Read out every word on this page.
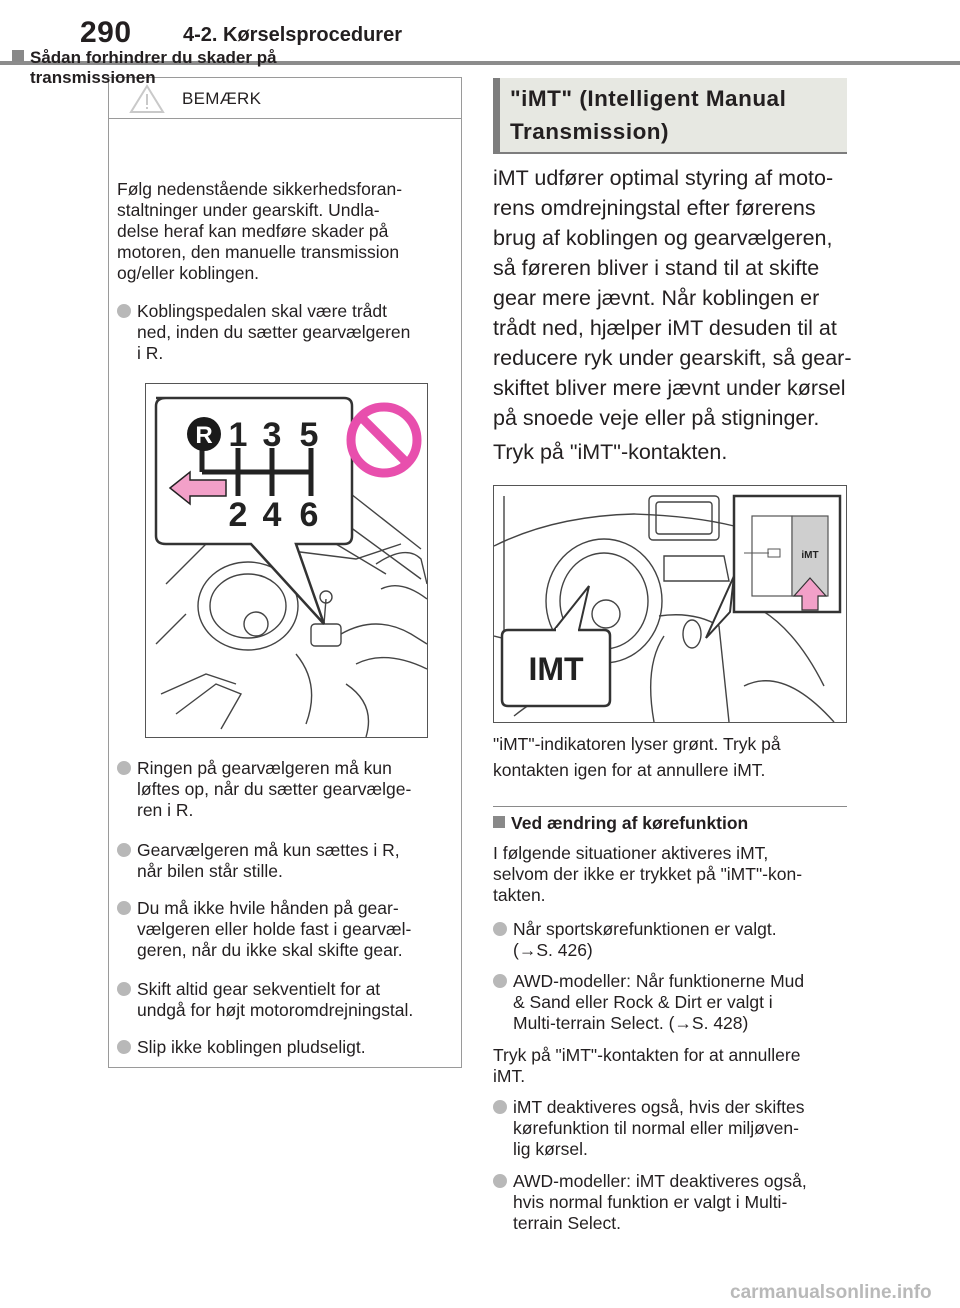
290	4-2. Kørselsprocedurer
BEMÆRK
Sådan forhindrer du skader på transmissionen
Følg nedenstående sikkerhedsforan-
staltninger under gearskift. Undla-
delse heraf kan medføre skader på
motoren, den manuelle transmission
og/eller koblingen.
Koblingspedalen skal være trådt
ned, inden du sætter gearvælgeren
i R.
R 1 3 5
2 4 6
Ringen på gearvælgeren må kun
løftes op, når du sætter gearvælge-
ren i R.
Gearvælgeren må kun sættes i R,
når bilen står stille.
Du må ikke hvile hånden på gear-
vælgeren eller holde fast i gearvæl-
geren, når du ikke skal skifte gear.
Skift altid gear sekventielt for at
undgå for højt motoromdrejningstal.
Slip ikke koblingen pludseligt.
"iMT" (Intelligent Manual
Transmission)
iMT udfører optimal styring af moto-
rens omdrejningstal efter førerens
brug af koblingen og gearvælgeren,
så føreren bliver i stand til at skifte
gear mere jævnt. Når koblingen er
trådt ned, hjælper iMT desuden til at
reducere ryk under gearskift, så gear-
skiftet bliver mere jævnt under kørsel
på snoede veje eller på stigninger.
Tryk på "iMT"-kontakten.
iMT
IMT
"iMT"-indikatoren lyser grønt. Tryk på
kontakten igen for at annullere iMT.
Ved ændring af kørefunktion
I følgende situationer aktiveres iMT,
selvom der ikke er trykket på "iMT"-kon-
takten.
Når sportskørefunktionen er valgt.
(→S. 426)
AWD-modeller: Når funktionerne Mud
& Sand eller Rock & Dirt er valgt i
Multi-terrain Select. (→S. 428)
Tryk på "iMT"-kontakten for at annullere
iMT.
iMT deaktiveres også, hvis der skiftes
kørefunktion til normal eller miljøven-
lig kørsel.
AWD-modeller: iMT deaktiveres også,
hvis normal funktion er valgt i Multi-
terrain Select.
carmanualsonline.info
